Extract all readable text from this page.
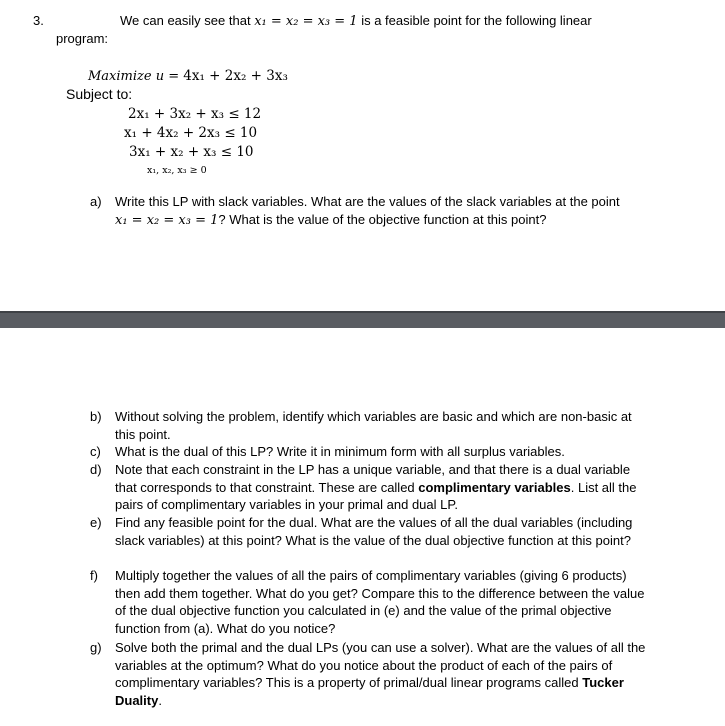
3.	We can easily see that x₁ = x₂ = x₃ = 1 is a feasible point for the following linear
program:
Maximize u = 4x₁ + 2x₂ + 3x₃
Subject to:
2x₁ + 3x₂ + x₃ ≤ 12
x₁ + 4x₂ + 2x₃ ≤ 10
3x₁ + x₂ + x₃ ≤ 10
x₁, x₂, x₃ ≥ 0
a)	Write this LP with slack variables. What are the values of the slack variables at the point
x₁ = x₂ = x₃ = 1? What is the value of the objective function at this point?
b)	Without solving the problem, identify which variables are basic and which are non-basic at this point.
c)	What is the dual of this LP? Write it in minimum form with all surplus variables.
d)	Note that each constraint in the LP has a unique variable, and that there is a dual variable that corresponds to that constraint. These are called complimentary variables. List all the pairs of complimentary variables in your primal and dual LP.
e)	Find any feasible point for the dual. What are the values of all the dual variables (including slack variables) at this point? What is the value of the dual objective function at this point?
f)	Multiply together the values of all the pairs of complimentary variables (giving 6 products) then add them together. What do you get? Compare this to the difference between the value of the dual objective function you calculated in (e) and the value of the primal objective function from (a). What do you notice?
g)	Solve both the primal and the dual LPs (you can use a solver). What are the values of all the variables at the optimum? What do you notice about the product of each of the pairs of complimentary variables? This is a property of primal/dual linear programs called Tucker Duality.
